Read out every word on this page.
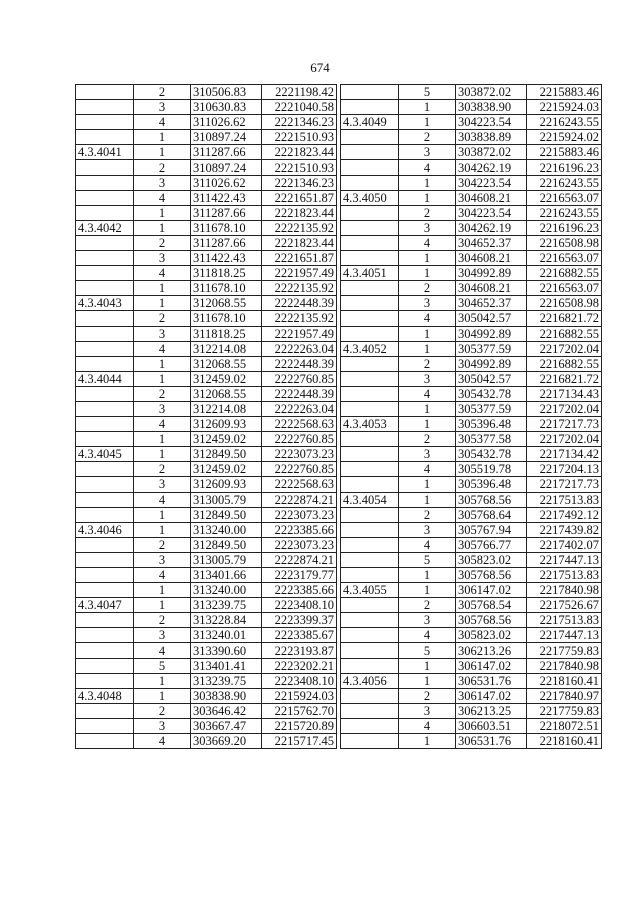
674
	2	310506.83	2221198.42
	3	310630.83	2221040.58
	4	311026.62	2221346.23
	1	310897.24	2221510.93
4.3.4041	1	311287.66	2221823.44
	2	310897.24	2221510.93
	3	311026.62	2221346.23
	4	311422.43	2221651.87
	1	311287.66	2221823.44
4.3.4042	1	311678.10	2222135.92
	2	311287.66	2221823.44
	3	311422.43	2221651.87
	4	311818.25	2221957.49
	1	311678.10	2222135.92
4.3.4043	1	312068.55	2222448.39
	2	311678.10	2222135.92
	3	311818.25	2221957.49
	4	312214.08	2222263.04
	1	312068.55	2222448.39
4.3.4044	1	312459.02	2222760.85
	2	312068.55	2222448.39
	3	312214.08	2222263.04
	4	312609.93	2222568.63
	1	312459.02	2222760.85
4.3.4045	1	312849.50	2223073.23
	2	312459.02	2222760.85
	3	312609.93	2222568.63
	4	313005.79	2222874.21
	1	312849.50	2223073.23
4.3.4046	1	313240.00	2223385.66
	2	312849.50	2223073.23
	3	313005.79	2222874.21
	4	313401.66	2223179.77
	1	313240.00	2223385.66
4.3.4047	1	313239.75	2223408.10
	2	313228.84	2223399.37
	3	313240.01	2223385.67
	4	313390.60	2223193.87
	5	313401.41	2223202.21
	1	313239.75	2223408.10
4.3.4048	1	303838.90	2215924.03
	2	303646.42	2215762.70
	3	303667.47	2215720.89
	4	303669.20	2215717.45
	5	303872.02	2215883.46
	1	303838.90	2215924.03
4.3.4049	1	304223.54	2216243.55
	2	303838.89	2215924.02
	3	303872.02	2215883.46
	4	304262.19	2216196.23
	1	304223.54	2216243.55
4.3.4050	1	304608.21	2216563.07
	2	304223.54	2216243.55
	3	304262.19	2216196.23
	4	304652.37	2216508.98
	1	304608.21	2216563.07
4.3.4051	1	304992.89	2216882.55
	2	304608.21	2216563.07
	3	304652.37	2216508.98
	4	305042.57	2216821.72
	1	304992.89	2216882.55
4.3.4052	1	305377.59	2217202.04
	2	304992.89	2216882.55
	3	305042.57	2216821.72
	4	305432.78	2217134.43
	1	305377.59	2217202.04
4.3.4053	1	305396.48	2217217.73
	2	305377.58	2217202.04
	3	305432.78	2217134.42
	4	305519.78	2217204.13
	1	305396.48	2217217.73
4.3.4054	1	305768.56	2217513.83
	2	305768.64	2217492.12
	3	305767.94	2217439.82
	4	305766.77	2217402.07
	5	305823.02	2217447.13
	1	305768.56	2217513.83
4.3.4055	1	306147.02	2217840.98
	2	305768.54	2217526.67
	3	305768.56	2217513.83
	4	305823.02	2217447.13
	5	306213.26	2217759.83
	1	306147.02	2217840.98
4.3.4056	1	306531.76	2218160.41
	2	306147.02	2217840.97
	3	306213.25	2217759.83
	4	306603.51	2218072.51
	1	306531.76	2218160.41
